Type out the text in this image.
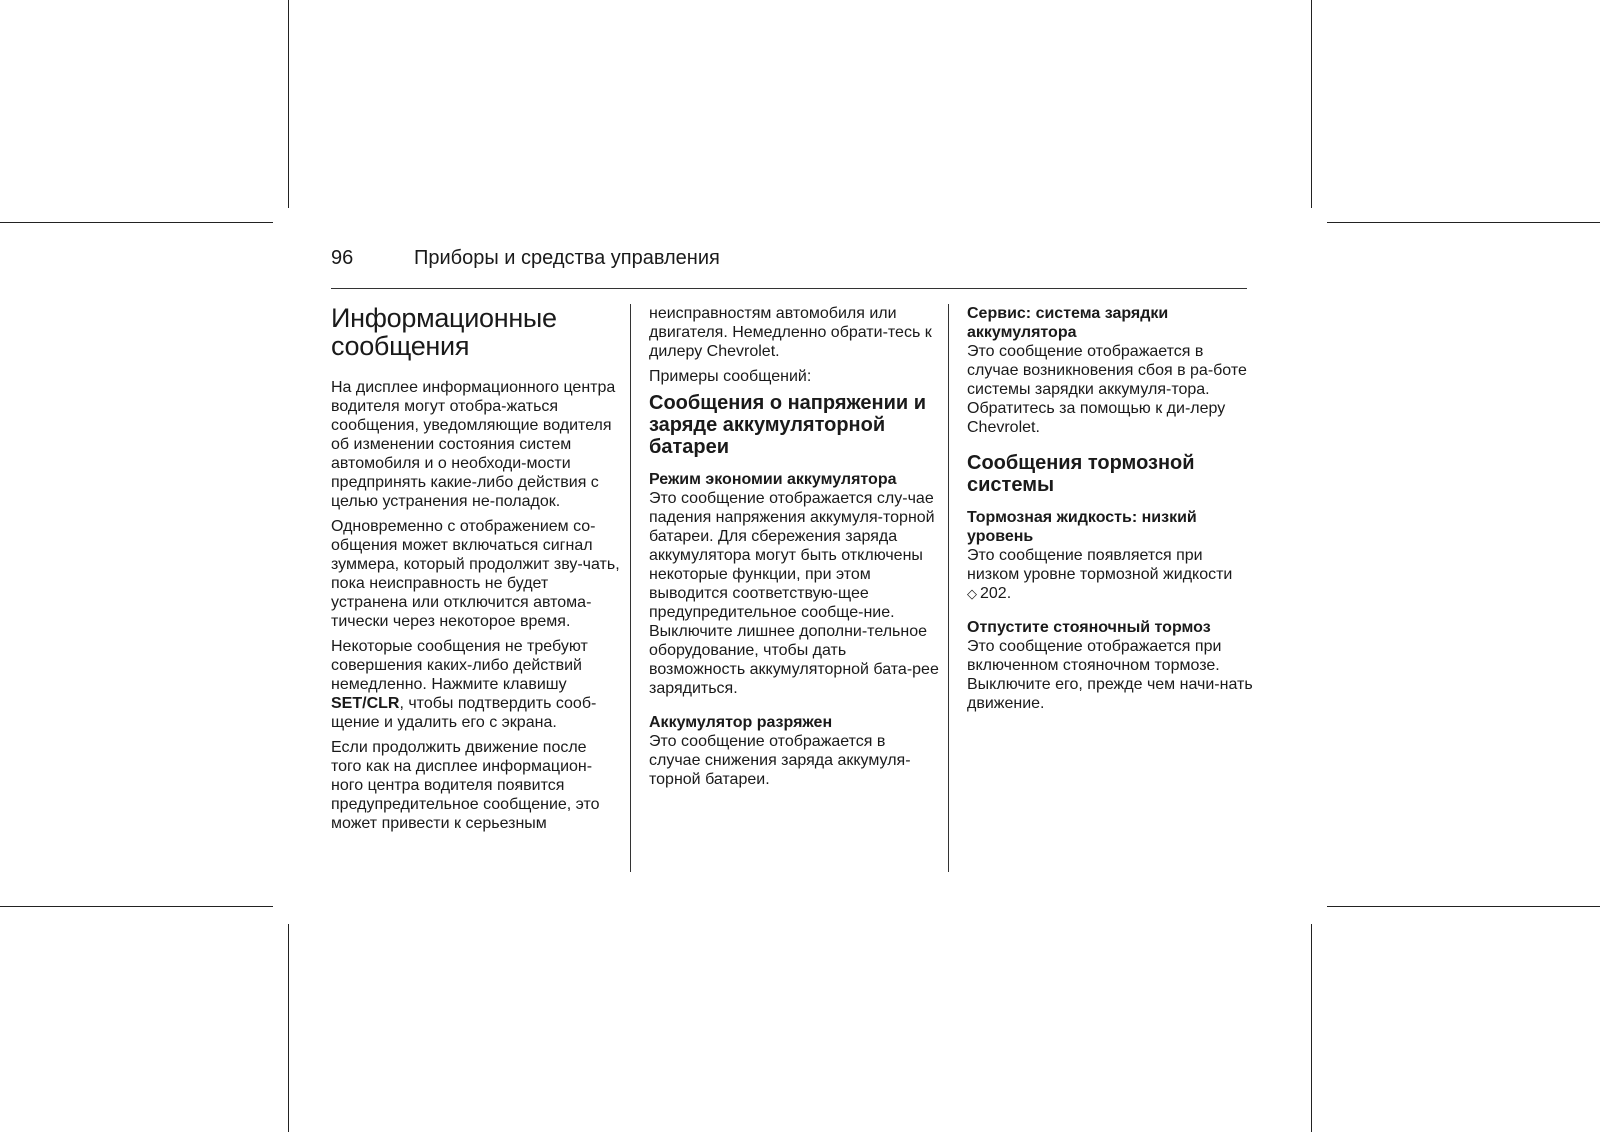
96	Приборы и средства управления
Информационные сообщения

На дисплее информационного центра водителя могут отобра-жаться сообщения, уведомляющие водителя об изменении состояния систем автомобиля и о необходи-мости предпринять какие-либо действия с целью устранения не-поладок.

Одновременно с отображением со-общения может включаться сигнал зуммера, который продолжит зву-чать, пока неисправность не будет устранена или отключится автома-тически через некоторое время.

Некоторые сообщения не требуют совершения каких-либо действий немедленно. Нажмите клавишу SET/CLR, чтобы подтвердить сооб-щение и удалить его с экрана.

Если продолжить движение после того как на дисплее информацион-ного центра водителя появится предупредительное сообщение, это может привести к серьезным

неисправностям автомобиля или двигателя. Немедленно обрати-тесь к дилеру Chevrolet.

Примеры сообщений:

Сообщения о напряжении и заряде аккумуляторной батареи
Режим экономии аккумулятора

Это сообщение отображается слу-чае падения напряжения аккумуля-торной батареи. Для сбережения заряда аккумулятора могут быть отключены некоторые функции, при этом выводится соответствую-щее предупредительное сообще-ние. Выключите лишнее дополни-тельное оборудование, чтобы дать возможность аккумуляторной бата-рее зарядиться.

Аккумулятор разряжен

Это сообщение отображается в случае снижения заряда аккумуля-торной батареи.

Сервис: система зарядки аккумулятора

Это сообщение отображается в случае возникновения сбоя в ра-боте системы зарядки аккумуля-тора. Обратитесь за помощью к ди-леру Chevrolet.

Сообщения тормозной системы
Тормозная жидкость: низкий уровень

Это сообщение появляется при низком уровне тормозной жидкости
◇ 202.

Отпустите стояночный тормоз

Это сообщение отображается при включенном стояночном тормозе. Выключите его, прежде чем начи-нать движение.
